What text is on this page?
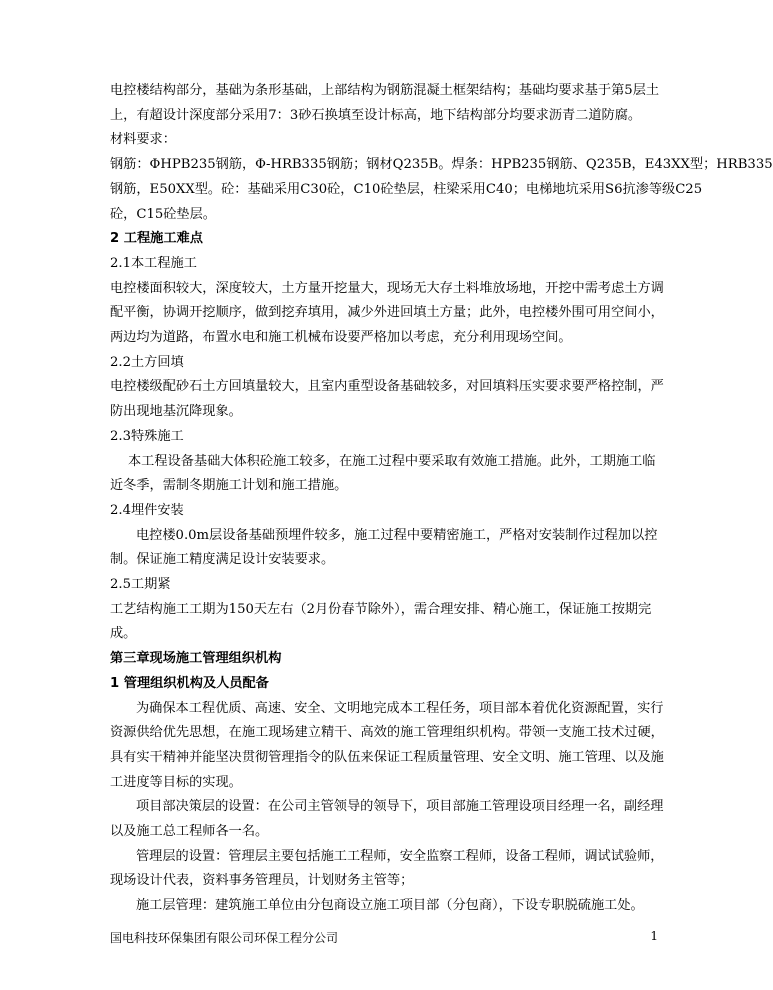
电控楼结构部分，基础为条形基础，上部结构为钢筋混凝土框架结构；基础均要求基于第5层土
上，有超设计深度部分采用7：3砂石换填至设计标高，地下结构部分均要求沥青二道防腐。
材料要求：
钢筋：ΦHPB235钢筋，Φ-HRB335钢筋；钢材Q235B。焊条：HPB235钢筋、Q235B，E43XX型；HRB335
钢筋，E50XX型。砼：基础采用C30砼，C10砼垫层，柱梁采用C40；电梯地坑采用S6抗渗等级C25
砼，C15砼垫层。
2 工程施工难点
2.1本工程施工
电控楼面积较大，深度较大，土方量开挖量大，现场无大存土料堆放场地，开挖中需考虑土方调
配平衡，协调开挖顺序，做到挖弃填用，减少外进回填土方量；此外，电控楼外围可用空间小，
两边均为道路，布置水电和施工机械布设要严格加以考虑，充分利用现场空间。
2.2土方回填
电控楼级配砂石土方回填量较大，且室内重型设备基础较多，对回填料压实要求要严格控制，严
防出现地基沉降现象。
2.3特殊施工
本工程设备基础大体积砼施工较多，在施工过程中要采取有效施工措施。此外，工期施工临
近冬季，需制冬期施工计划和施工措施。
2.4埋件安装
电控楼0.0m层设备基础预埋件较多，施工过程中要精密施工，严格对安装制作过程加以控
制。保证施工精度满足设计安装要求。
2.5工期紧
工艺结构施工工期为150天左右（2月份春节除外），需合理安排、精心施工，保证施工按期完
成。
第三章现场施工管理组织机构
1 管理组织机构及人员配备
为确保本工程优质、高速、安全、文明地完成本工程任务，项目部本着优化资源配置，实行
资源供给优先思想，在施工现场建立精干、高效的施工管理组织机构。带领一支施工技术过硬，
具有实干精神并能坚决贯彻管理指令的队伍来保证工程质量管理、安全文明、施工管理、以及施
工进度等目标的实现。
项目部决策层的设置：在公司主管领导的领导下，项目部施工管理设项目经理一名，副经理
以及施工总工程师各一名。
管理层的设置：管理层主要包括施工工程师，安全监察工程师，设备工程师，调试试验师，
现场设计代表，资料事务管理员，计划财务主管等；
施工层管理：建筑施工单位由分包商设立施工项目部（分包商），下设专职脱硫施工处。
国电科技环保集团有限公司环保工程分公司	1
